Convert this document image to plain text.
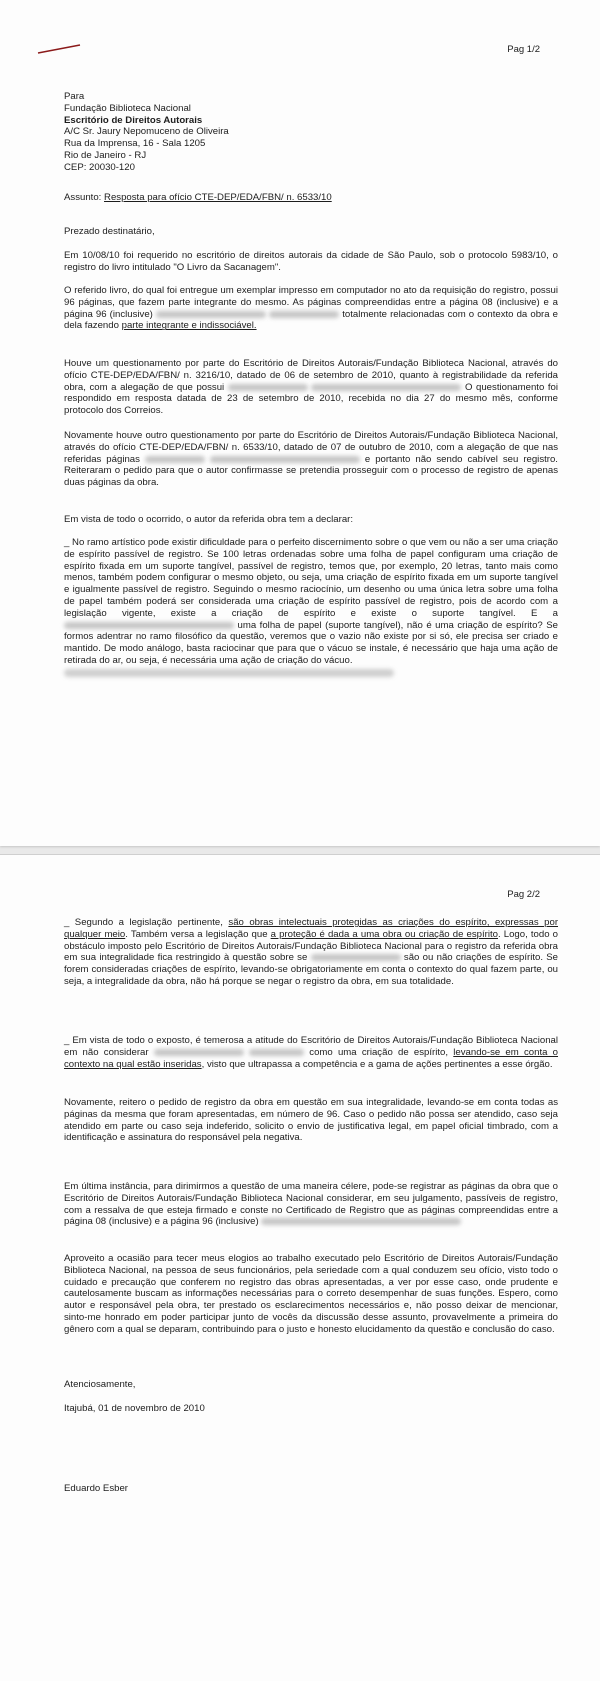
Pag 1/2
Para
Fundação Biblioteca Nacional
Escritório de Direitos Autorais
A/C Sr. Jaury Nepomuceno de Oliveira
Rua da Imprensa, 16 - Sala 1205
Rio de Janeiro - RJ
CEP: 20030-120
Assunto: Resposta para ofício CTE-DEP/EDA/FBN/ n. 6533/10
Prezado destinatário,
Em 10/08/10 foi requerido no escritório de direitos autorais da cidade de São Paulo, sob o protocolo 5983/10, o registro do livro intitulado "O Livro da Sacanagem".
O referido livro, do qual foi entregue um exemplar impresso em computador no ato da requisição do registro, possui 96 páginas, que fazem parte integrante do mesmo. As páginas compreendidas entre a página 08 (inclusive) e a página 96 (inclusive)	totalmente relacionadas com o contexto da obra e dela fazendo parte integrante e indissociável.
Houve um questionamento por parte do Escritório de Direitos Autorais/Fundação Biblioteca Nacional, através do ofício CTE-DEP/EDA/FBN/ n. 3216/10, datado de 06 de setembro de 2010, quanto à registrabilidade da referida obra, com a alegação de que possui	O questionamento foi respondido em resposta datada de 23 de setembro de 2010, recebida no dia 27 do mesmo mês, conforme protocolo dos Correios.
Novamente houve outro questionamento por parte do Escritório de Direitos Autorais/Fundação Biblioteca Nacional, através do ofício CTE-DEP/EDA/FBN/ n. 6533/10, datado de 07 de outubro de 2010, com a alegação de que nas referidas páginas	e portanto não sendo cabível seu registro. Reiteraram o pedido para que o autor confirmasse se pretendia prosseguir com o processo de registro de apenas duas páginas da obra.
Em vista de todo o ocorrido, o autor da referida obra tem a declarar:
_ No ramo artístico pode existir dificuldade para o perfeito discernimento sobre o que vem ou não a ser uma criação de espírito passível de registro. Se 100 letras ordenadas sobre uma folha de papel configuram uma criação de espírito fixada em um suporte tangível, passível de registro, temos que, por exemplo, 20 letras, tanto mais como menos, também podem configurar o mesmo objeto, ou seja, uma criação de espírito fixada em um suporte tangível e igualmente passível de registro. Seguindo o mesmo raciocínio, um desenho ou uma única letra sobre uma folha de papel também poderá ser considerada uma criação de espírito passível de registro, pois de acordo com a legislação vigente, existe a criação de espírito e existe o suporte tangível. E a  uma folha de papel (suporte tangível), não é uma criação de espírito? Se formos adentrar no ramo filosófico da questão, veremos que o vazio não existe por si só, ele precisa ser criado e mantido. De modo análogo, basta raciocinar que para que o vácuo se instale, é necessário que haja uma ação de retirada do ar, ou seja, é necessária uma ação de criação do vácuo.
Pag 2/2
_ Segundo a legislação pertinente, são obras intelectuais protegidas as criações do espírito, expressas por qualquer meio. Também versa a legislação que a proteção é dada a uma obra ou criação de espírito. Logo, todo o obstáculo imposto pelo Escritório de Direitos Autorais/Fundação Biblioteca Nacional para o registro da referida obra em sua integralidade fica restringido à questão sobre se	são ou não criações de espírito. Se forem consideradas criações de espírito, levando-se obrigatoriamente em conta o contexto do qual fazem parte, ou seja, a integralidade da obra, não há porque se negar o registro da obra, em sua totalidade.
_ Em vista de todo o exposto, é temerosa a atitude do Escritório de Direitos Autorais/Fundação Biblioteca Nacional em não considerar	como uma criação de espírito, levando-se em conta o contexto na qual estão inseridas, visto que ultrapassa a competência e a gama de ações pertinentes a esse órgão.
Novamente, reitero o pedido de registro da obra em questão em sua integralidade, levando-se em conta todas as páginas da mesma que foram apresentadas, em número de 96. Caso o pedido não possa ser atendido, caso seja atendido em parte ou caso seja indeferido, solicito o envio de justificativa legal, em papel oficial timbrado, com a identificação e assinatura do responsável pela negativa.
Em última instância, para dirimirmos a questão de uma maneira célere, pode-se registrar as páginas da obra que o Escritório de Direitos Autorais/Fundação Biblioteca Nacional considerar, em seu julgamento, passíveis de registro, com a ressalva de que esteja firmado e conste no Certificado de Registro que as páginas compreendidas entre a página 08 (inclusive) e a página 96 (inclusive)
Aproveito a ocasião para tecer meus elogios ao trabalho executado pelo Escritório de Direitos Autorais/Fundação Biblioteca Nacional, na pessoa de seus funcionários, pela seriedade com a qual conduzem seu ofício, visto todo o cuidado e precaução que conferem no registro das obras apresentadas, a ver por esse caso, onde prudente e cautelosamente buscam as informações necessárias para o correto desempenhar de suas funções. Espero, como autor e responsável pela obra, ter prestado os esclarecimentos necessários e, não posso deixar de mencionar, sinto-me honrado em poder participar junto de vocês da discussão desse assunto, provavelmente a primeira do gênero com a qual se deparam, contribuindo para o justo e honesto elucidamento da questão e conclusão do caso.
Atenciosamente,
Itajubá, 01 de novembro de 2010
Eduardo Esber
